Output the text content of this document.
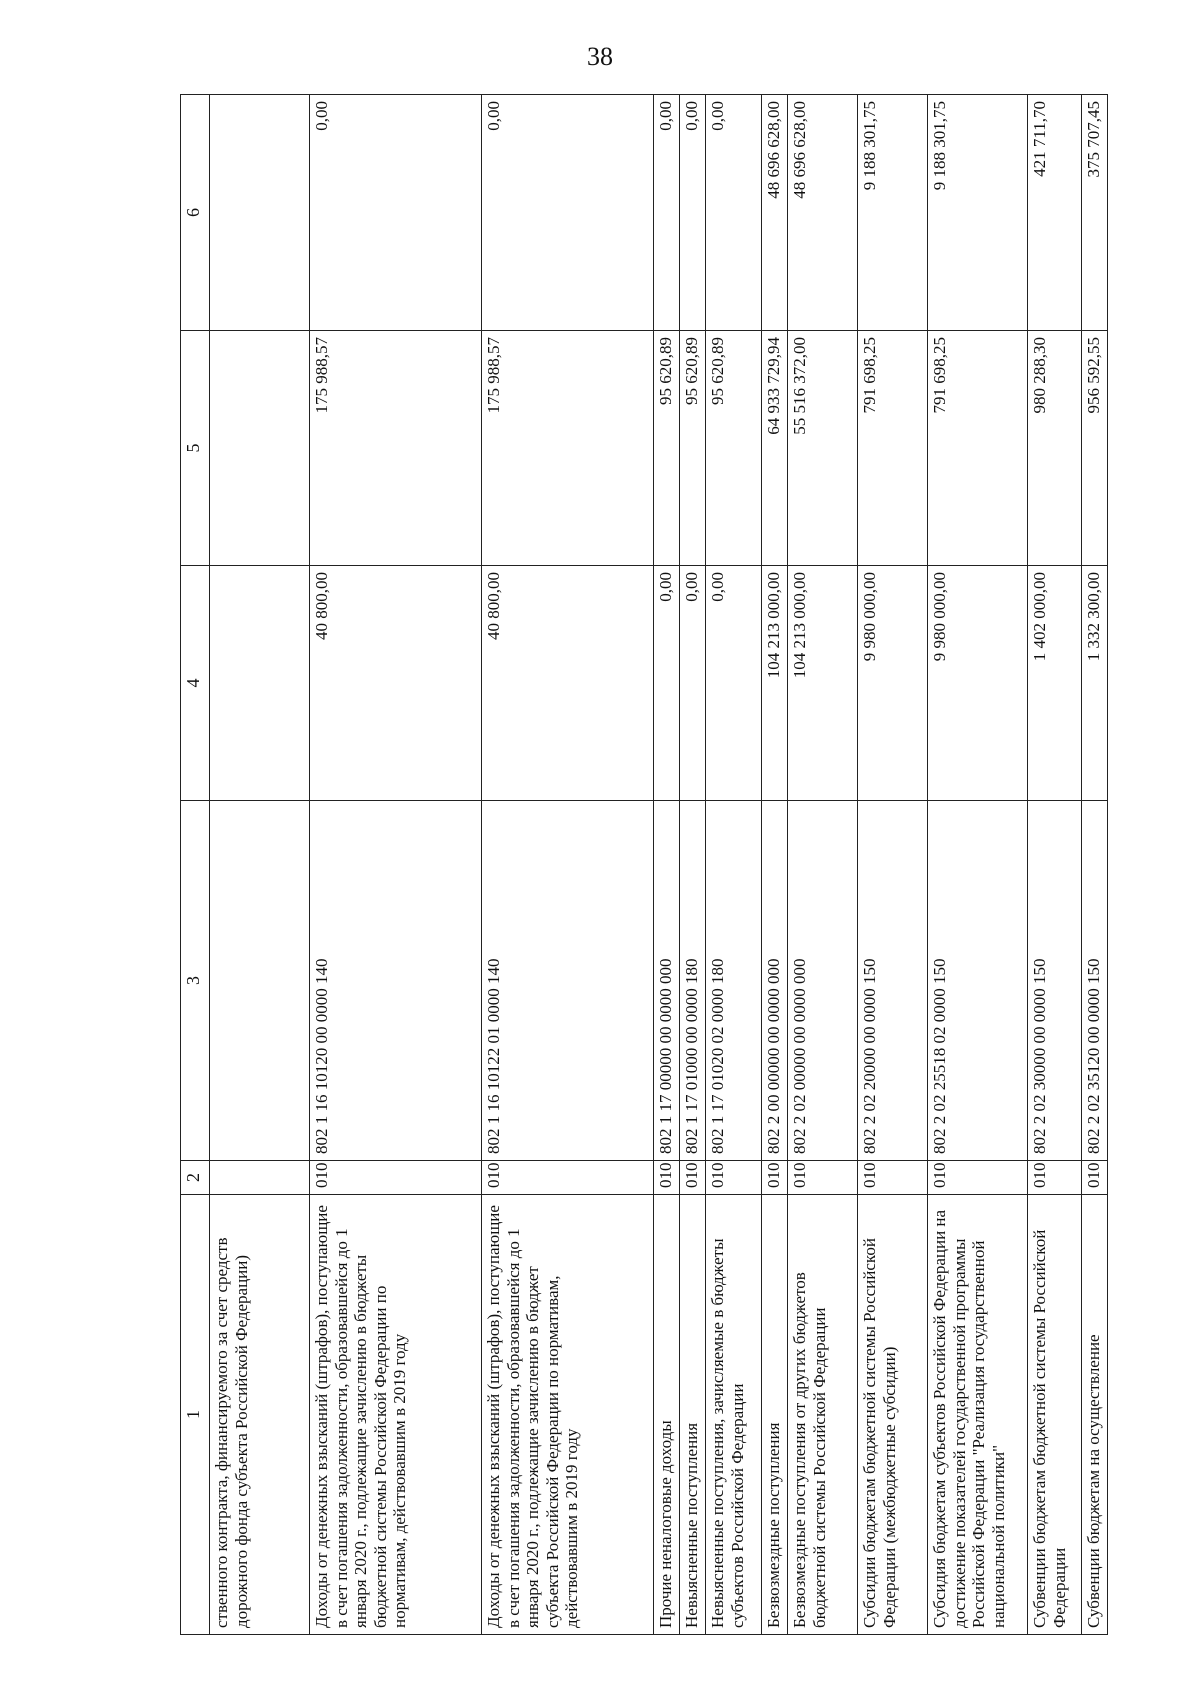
38
1	2	3	4	5	6
ственного контракта, финансируемого за счет средств дорожного фонда субъекта Российской Федерации)					
Доходы от денежных взысканий (штрафов), поступающие в счет погашения задолженности, образовавшейся до 1 января 2020 г., подлежащие зачислению в бюджеты бюджетной системы Российской Федерации по нормативам, действовавшим в 2019 году	010	802 1 16 10120 00 0000 140	40 800,00	175 988,57	0,00
Доходы от денежных взысканий (штрафов), поступающие в счет погашения задолженности, образовавшейся до 1 января 2020 г., подлежащие зачислению в бюджет субъекта Российской Федерации по нормативам, действовавшим в 2019 году	010	802 1 16 10122 01 0000 140	40 800,00	175 988,57	0,00
Прочие неналоговые доходы	010	802 1 17 00000 00 0000 000	0,00	95 620,89	0,00
Невыясненные поступления	010	802 1 17 01000 00 0000 180	0,00	95 620,89	0,00
Невыясненные поступления, зачисляемые в бюджеты субъектов Российской Федерации	010	802 1 17 01020 02 0000 180	0,00	95 620,89	0,00
Безвозмездные поступления	010	802 2 00 00000 00 0000 000	104 213 000,00	64 933 729,94	48 696 628,00
Безвозмездные поступления от других бюджетов бюджетной системы Российской Федерации	010	802 2 02 00000 00 0000 000	104 213 000,00	55 516 372,00	48 696 628,00
Субсидии бюджетам бюджетной системы Российской Федерации (межбюджетные субсидии)	010	802 2 02 20000 00 0000 150	9 980 000,00	791 698,25	9 188 301,75
Субсидия бюджетам субъектов Российской Федерации на достижение показателей государственной программы Российской Федерации "Реализация государственной национальной политики"	010	802 2 02 25518 02 0000 150	9 980 000,00	791 698,25	9 188 301,75
Субвенции бюджетам бюджетной системы Российской Федерации	010	802 2 02 30000 00 0000 150	1 402 000,00	980 288,30	421 711,70
Субвенции бюджетам на осуществление	010	802 2 02 35120 00 0000 150	1 332 300,00	956 592,55	375 707,45
